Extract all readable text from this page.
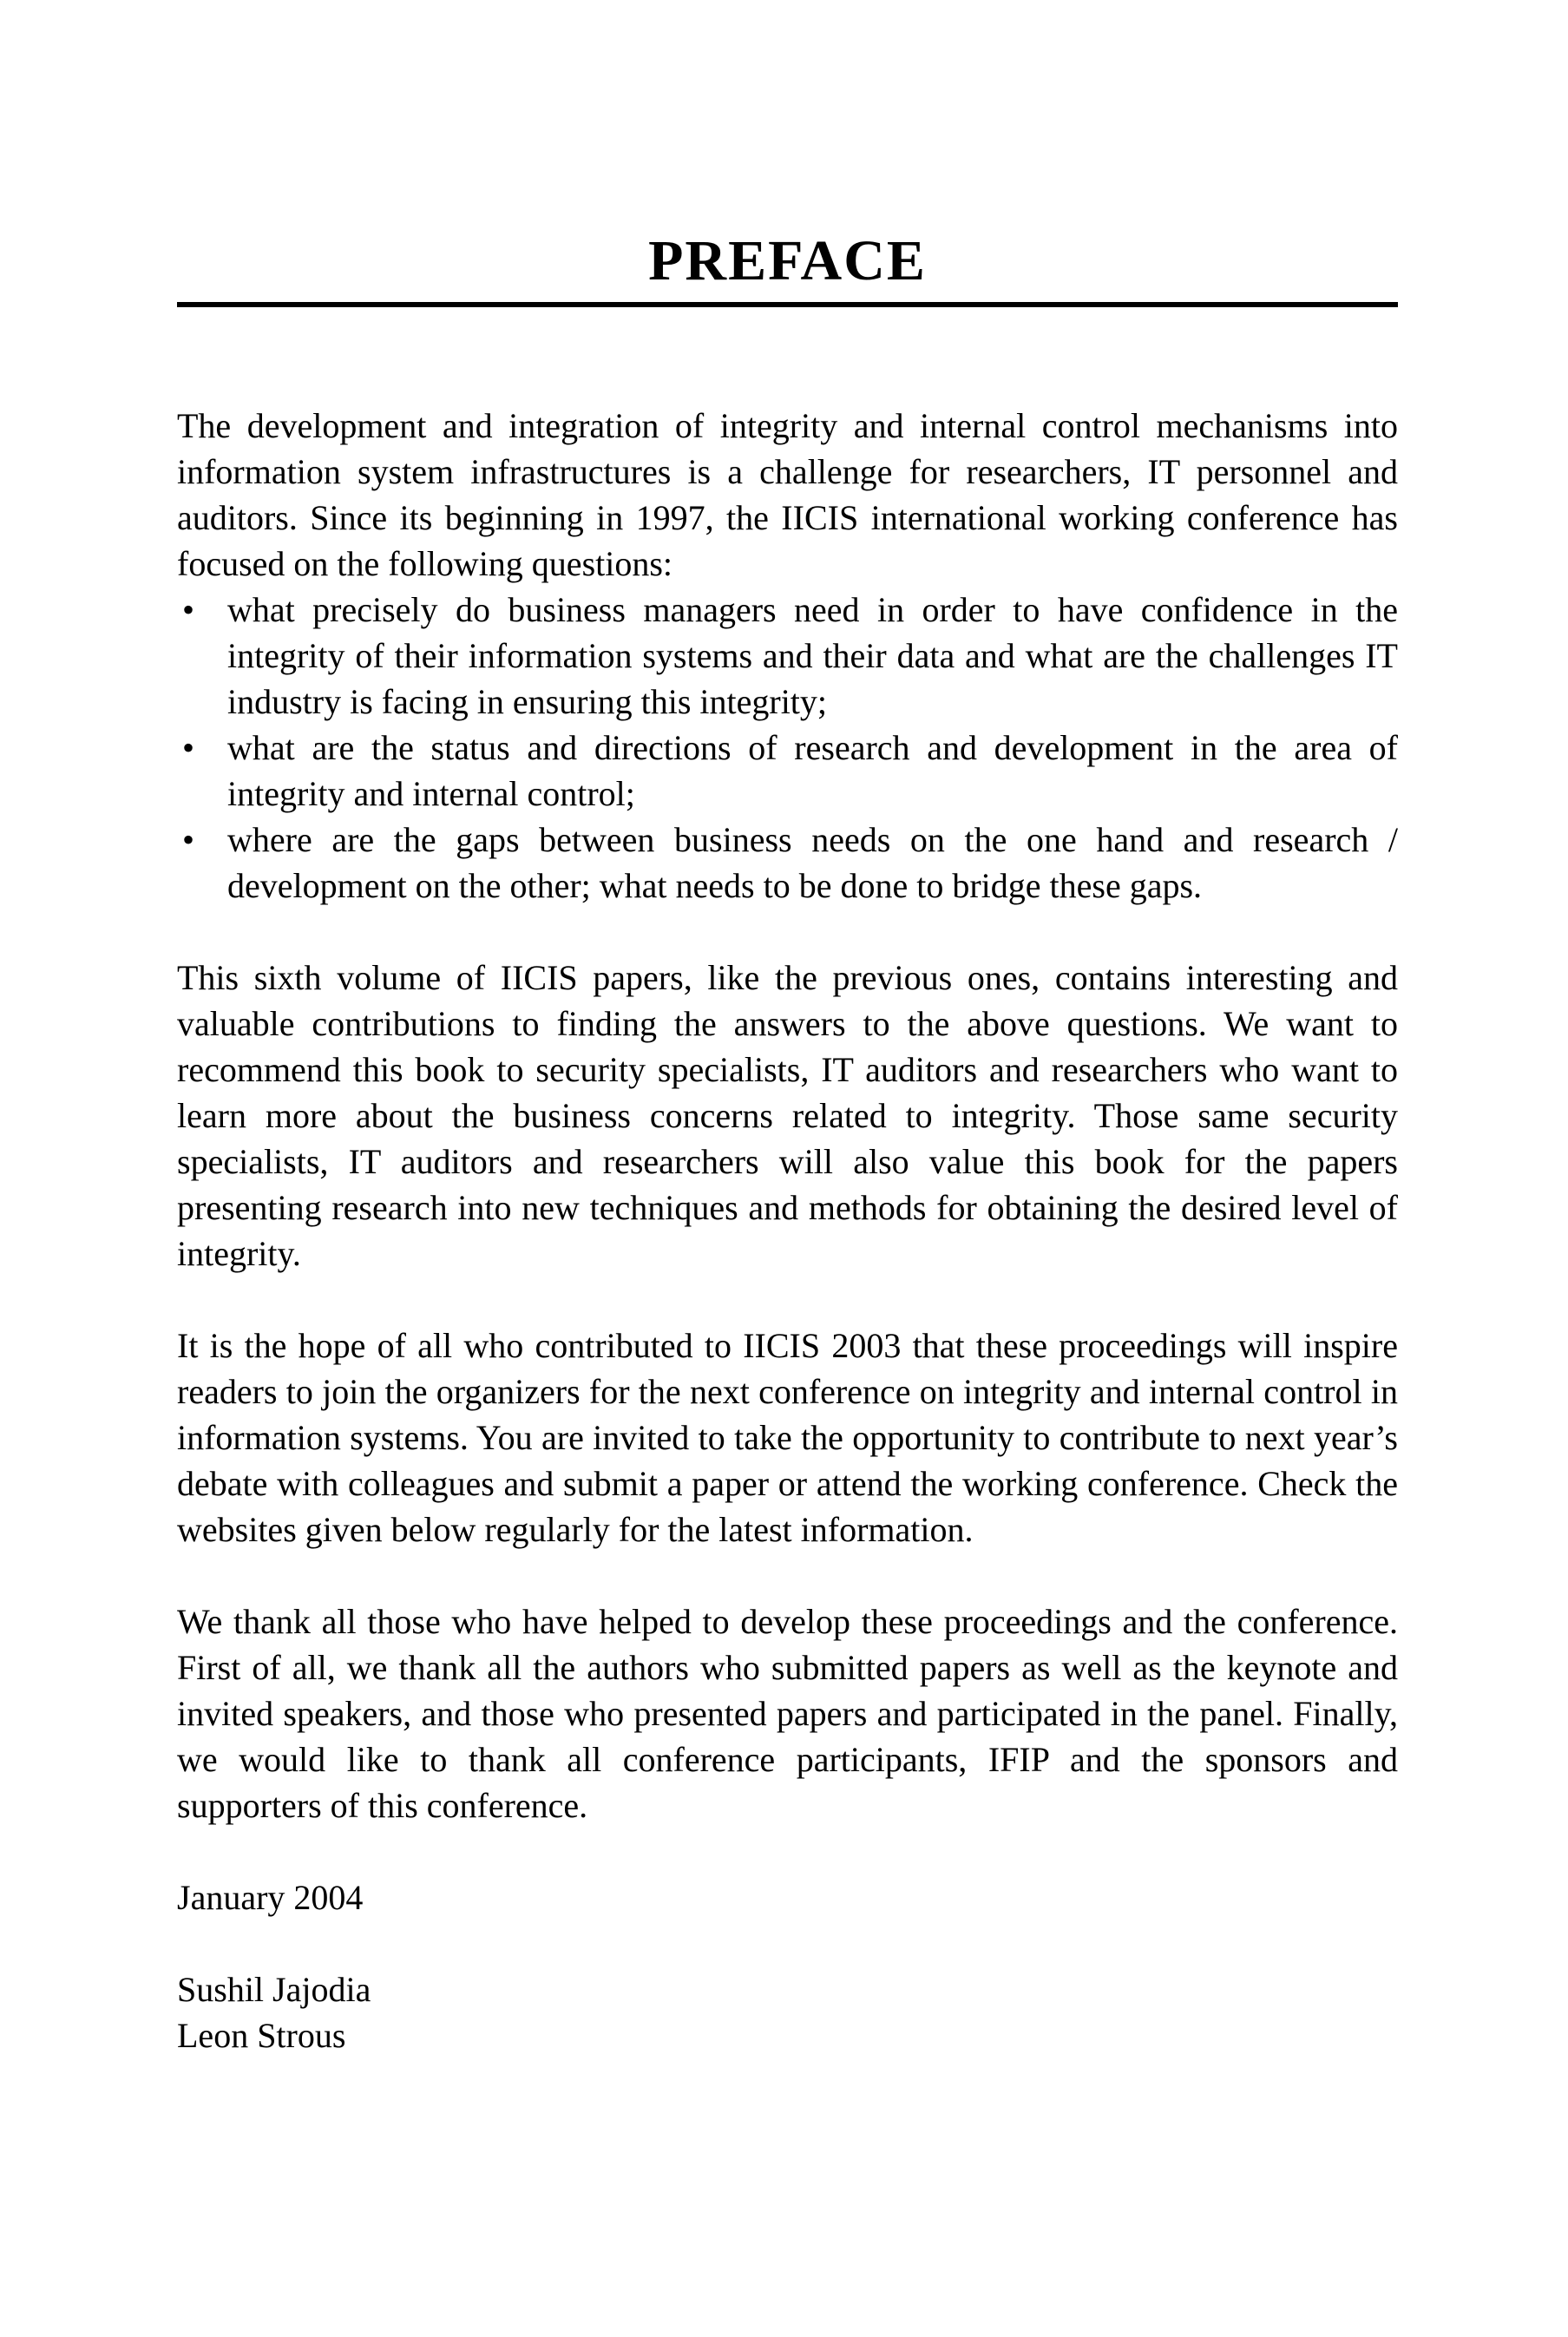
PREFACE

The development and integration of integrity and internal control mechanisms into information system infrastructures is a challenge for researchers, IT personnel and auditors. Since its beginning in 1997, the IICIS international working conference has focused on the following questions:

• what precisely do business managers need in order to have confidence in the integrity of their information systems and their data and what are the challenges IT industry is facing in ensuring this integrity;
• what are the status and directions of research and development in the area of integrity and internal control;
• where are the gaps between business needs on the one hand and research / development on the other; what needs to be done to bridge these gaps.

This sixth volume of IICIS papers, like the previous ones, contains interesting and valuable contributions to finding the answers to the above questions. We want to recommend this book to security specialists, IT auditors and researchers who want to learn more about the business concerns related to integrity. Those same security specialists, IT auditors and researchers will also value this book for the papers presenting research into new techniques and methods for obtaining the desired level of integrity.

It is the hope of all who contributed to IICIS 2003 that these proceedings will inspire readers to join the organizers for the next conference on integrity and internal control in information systems. You are invited to take the opportunity to contribute to next year’s debate with colleagues and submit a paper or attend the working conference. Check the websites given below regularly for the latest information.

We thank all those who have helped to develop these proceedings and the conference. First of all, we thank all the authors who submitted papers as well as the keynote and invited speakers, and those who presented papers and participated in the panel. Finally, we would like to thank all conference participants, IFIP and the sponsors and supporters of this conference.

January 2004

Sushil Jajodia
Leon Strous
